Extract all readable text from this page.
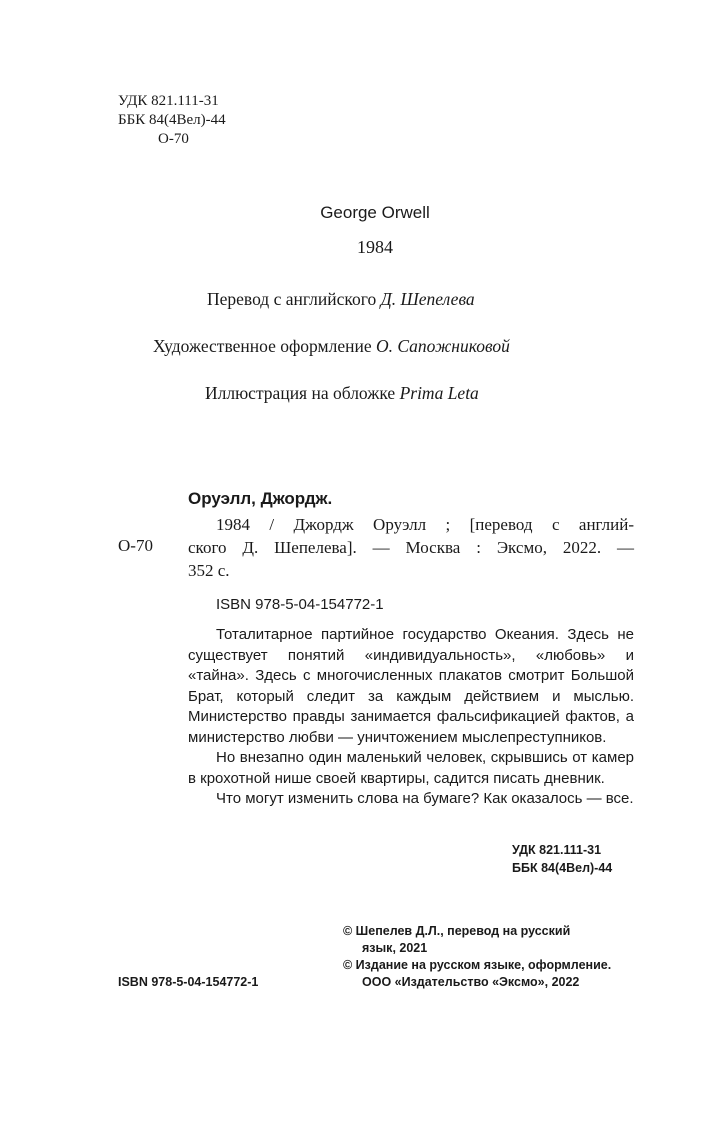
УДК 821.111-31
ББК 84(4Вел)-44
О-70
George Orwell
1984
Перевод с английского Д. Шепелева
Художественное оформление О. Сапожниковой
Иллюстрация на обложке Prima Leta
Оруэлл, Джордж.
О-70
1984 / Джордж Оруэлл ; [перевод с англий-
ского Д. Шепелева]. — Москва : Эксмо, 2022. —
352 с.
ISBN 978-5-04-154772-1

Тоталитарное партийное государство Океания. Здесь не существует понятий «индивидуальность», «любовь» и «тайна». Здесь с многочисленных плакатов смотрит Большой Брат, который следит за каждым действием и мыслью. Министерство правды занимается фальсификацией фактов, а министерство любви — уничтожением мыслепреступников.

Но внезапно один маленький человек, скрывшись от камер в крохотной нише своей квартиры, садится писать дневник.

Что могут изменить слова на бумаге? Как оказалось — все.

УДК 821.111-31
ББК 84(4Вел)-44
© Шепелев Д.Л., перевод на русский
язык, 2021
© Издание на русском языке, оформление.
ООО «Издательство «Эксмо», 2022
ISBN 978-5-04-154772-1
